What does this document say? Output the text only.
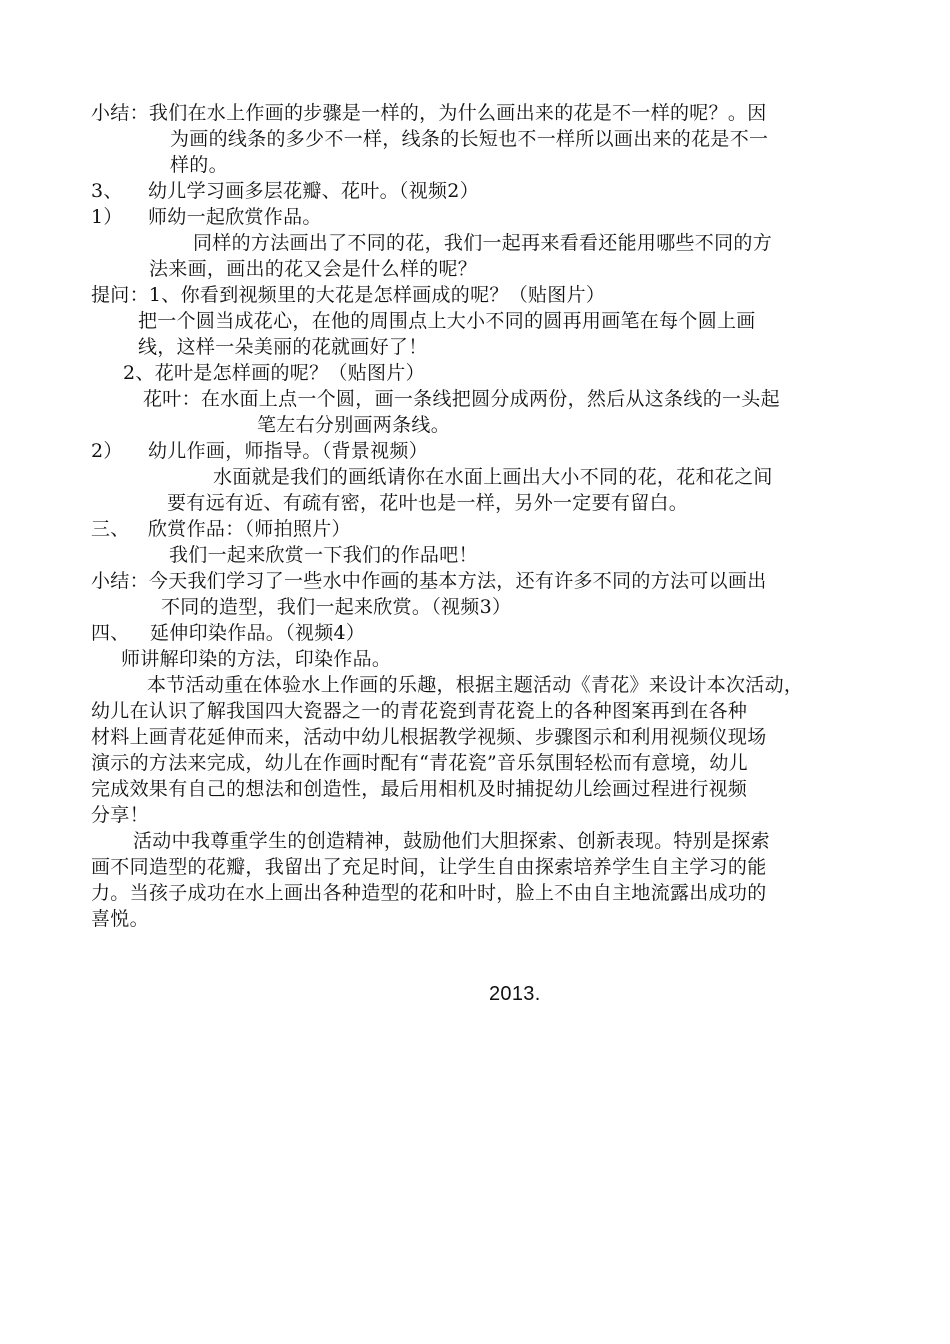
小结：我们在水上作画的步骤是一样的，为什么画出来的花是不一样的呢？。因
为画的线条的多少不一样，线条的长短也不一样所以画出来的花是不一
样的。
3、 幼儿学习画多层花瓣、花叶。（视频2）
1） 师幼一起欣赏作品。
同样的方法画出了不同的花，我们一起再来看看还能用哪些不同的方
法来画，画出的花又会是什么样的呢？
提问：1、你看到视频里的大花是怎样画成的呢？（贴图片）
把一个圆当成花心，在他的周围点上大小不同的圆再用画笔在每个圆上画
线，这样一朵美丽的花就画好了！
2、花叶是怎样画的呢？（贴图片）
花叶：在水面上点一个圆，画一条线把圆分成两份，然后从这条线的一头起
笔左右分别画两条线。
2） 幼儿作画，师指导。（背景视频）
水面就是我们的画纸请你在水面上画出大小不同的花，花和花之间
要有远有近、有疏有密，花叶也是一样，另外一定要有留白。
三、 欣赏作品：（师拍照片）
我们一起来欣赏一下我们的作品吧！
小结：今天我们学习了一些水中作画的基本方法，还有许多不同的方法可以画出
不同的造型，我们一起来欣赏。（视频3）
四、 延伸印染作品。（视频4）
师讲解印染的方法，印染作品。
本节活动重在体验水上作画的乐趣，根据主题活动《青花》来设计本次活动，
幼儿在认识了解我国四大瓷器之一的青花瓷到青花瓷上的各种图案再到在各种
材料上画青花延伸而来，活动中幼儿根据教学视频、步骤图示和利用视频仪现场
演示的方法来完成，幼儿在作画时配有“青花瓷”音乐氛围轻松而有意境，幼儿
完成效果有自己的想法和创造性，最后用相机及时捕捉幼儿绘画过程进行视频
分享！
活动中我尊重学生的创造精神，鼓励他们大胆探索、创新表现。特别是探索
画不同造型的花瓣，我留出了充足时间，让学生自由探索培养学生自主学习的能
力。当孩子成功在水上画出各种造型的花和叶时，脸上不由自主地流露出成功的
喜悦。
2013.
